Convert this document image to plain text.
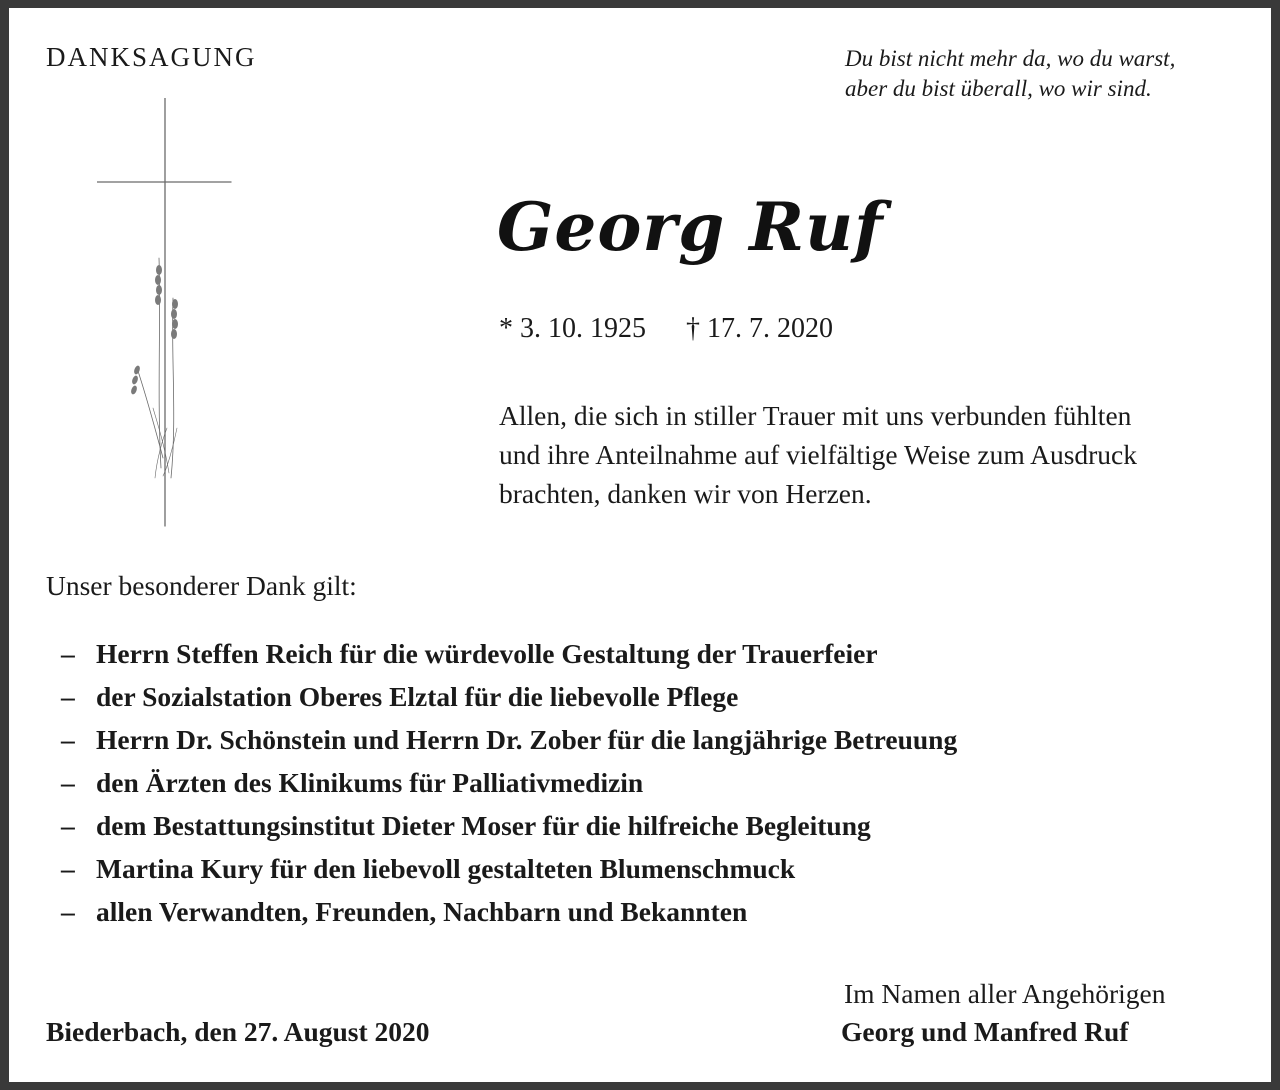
DANKSAGUNG	Du bist nicht mehr da, wo du warst,
aber du bist überall, wo wir sind.
Georg Ruf
* 3. 10. 1925 † 17. 7. 2020
Allen, die sich in stiller Trauer mit uns verbunden fühlten
und ihre Anteilnahme auf vielfältige Weise zum Ausdruck
brachten, danken wir von Herzen.
Unser besonderer Dank gilt:
– Herrn Steffen Reich für die würdevolle Gestaltung der Trauerfeier
– der Sozialstation Oberes Elztal für die liebevolle Pflege
– Herrn Dr. Schönstein und Herrn Dr. Zober für die langjährige Betreuung
– den Ärzten des Klinikums für Palliativmedizin
– dem Bestattungsinstitut Dieter Moser für die hilfreiche Begleitung
– Martina Kury für den liebevoll gestalteten Blumenschmuck
– allen Verwandten, Freunden, Nachbarn und Bekannten
Im Namen aller Angehörigen
Biederbach, den 27. August 2020	Georg und Manfred Ruf
